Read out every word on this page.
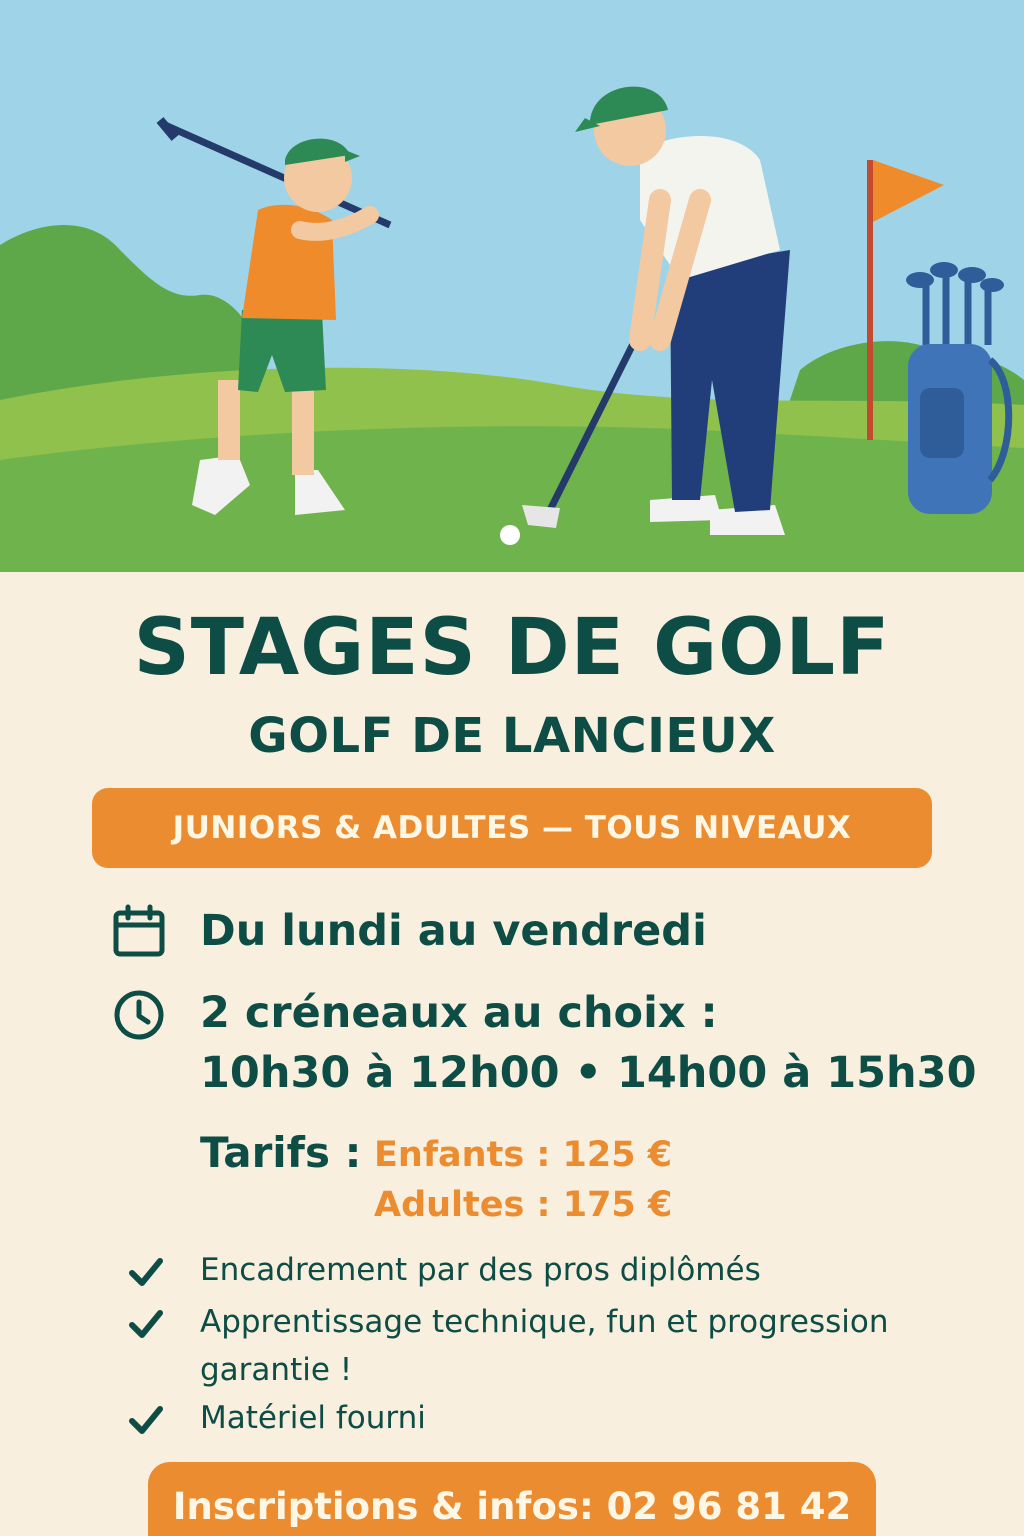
STAGES DE GOLF
GOLF DE LANCIEUX
JUNIORS & ADULTES — TOUS NIVEAUX
Du lundi au vendredi
2 créneaux au choix :
10h30 à 12h00 • 14h00 à 15h30
Tarifs : Enfants : 125 €
Adultes : 175 €
Encadrement par des pros diplômés
Apprentissage technique, fun et progression garantie !
Matériel fourni
Inscriptions & infos: 02 96 81 42
